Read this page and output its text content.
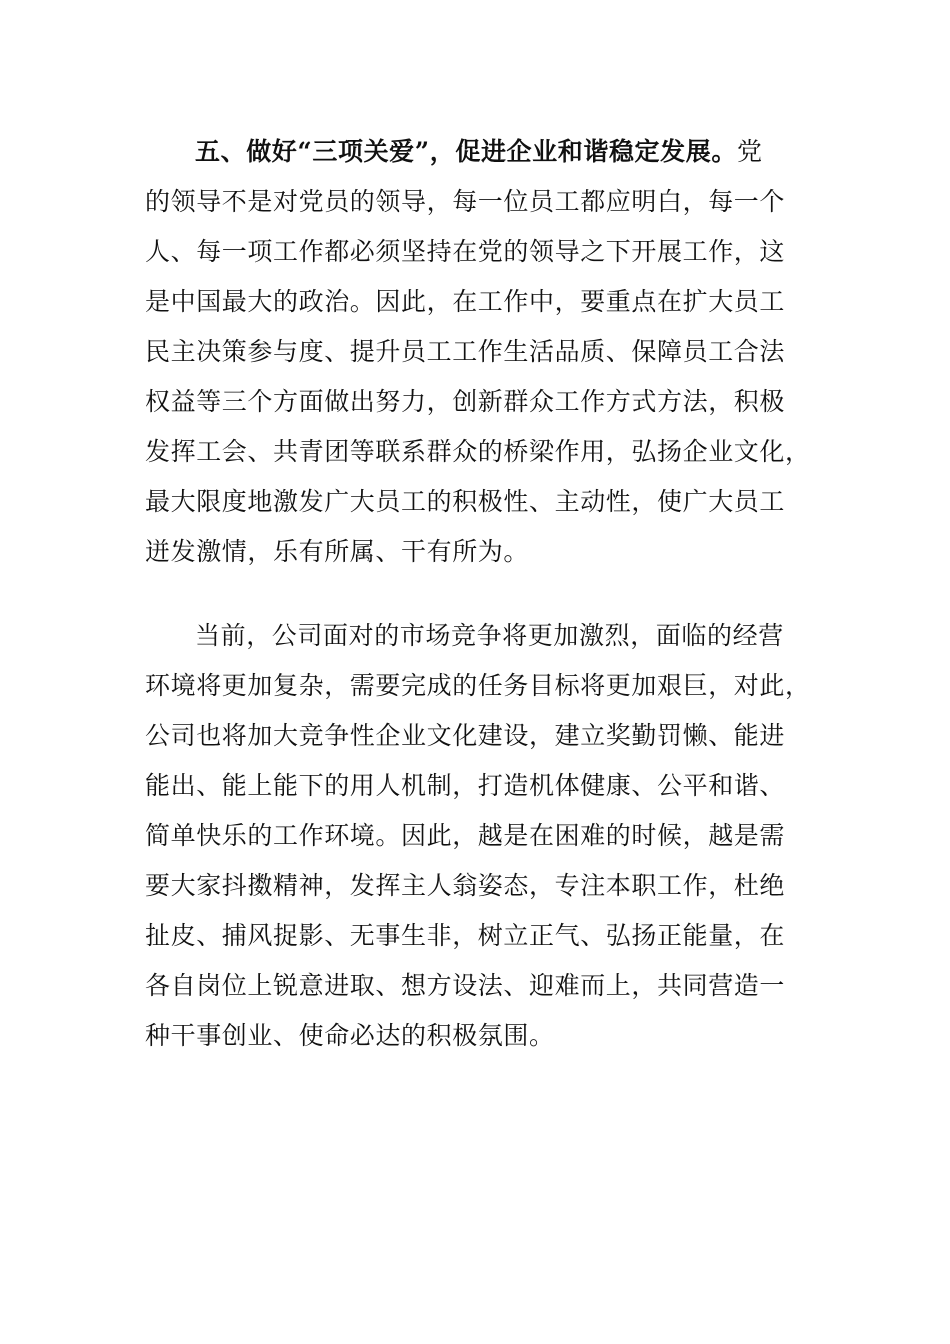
五、做好“三项关爱”，促进企业和谐稳定发展。党
的领导不是对党员的领导，每一位员工都应明白，每一个
人、每一项工作都必须坚持在党的领导之下开展工作，这
是中国最大的政治。因此，在工作中，要重点在扩大员工
民主决策参与度、提升员工工作生活品质、保障员工合法
权益等三个方面做出努力，创新群众工作方式方法，积极
发挥工会、共青团等联系群众的桥梁作用，弘扬企业文化，
最大限度地激发广大员工的积极性、主动性，使广大员工
迸发激情，乐有所属、干有所为。
当前，公司面对的市场竞争将更加激烈，面临的经营
环境将更加复杂，需要完成的任务目标将更加艰巨，对此，
公司也将加大竞争性企业文化建设，建立奖勤罚懒、能进
能出、能上能下的用人机制，打造机体健康、公平和谐、
简单快乐的工作环境。因此，越是在困难的时候，越是需
要大家抖擞精神，发挥主人翁姿态，专注本职工作，杜绝
扯皮、捕风捉影、无事生非，树立正气、弘扬正能量，在
各自岗位上锐意进取、想方设法、迎难而上，共同营造一
种干事创业、使命必达的积极氛围。
